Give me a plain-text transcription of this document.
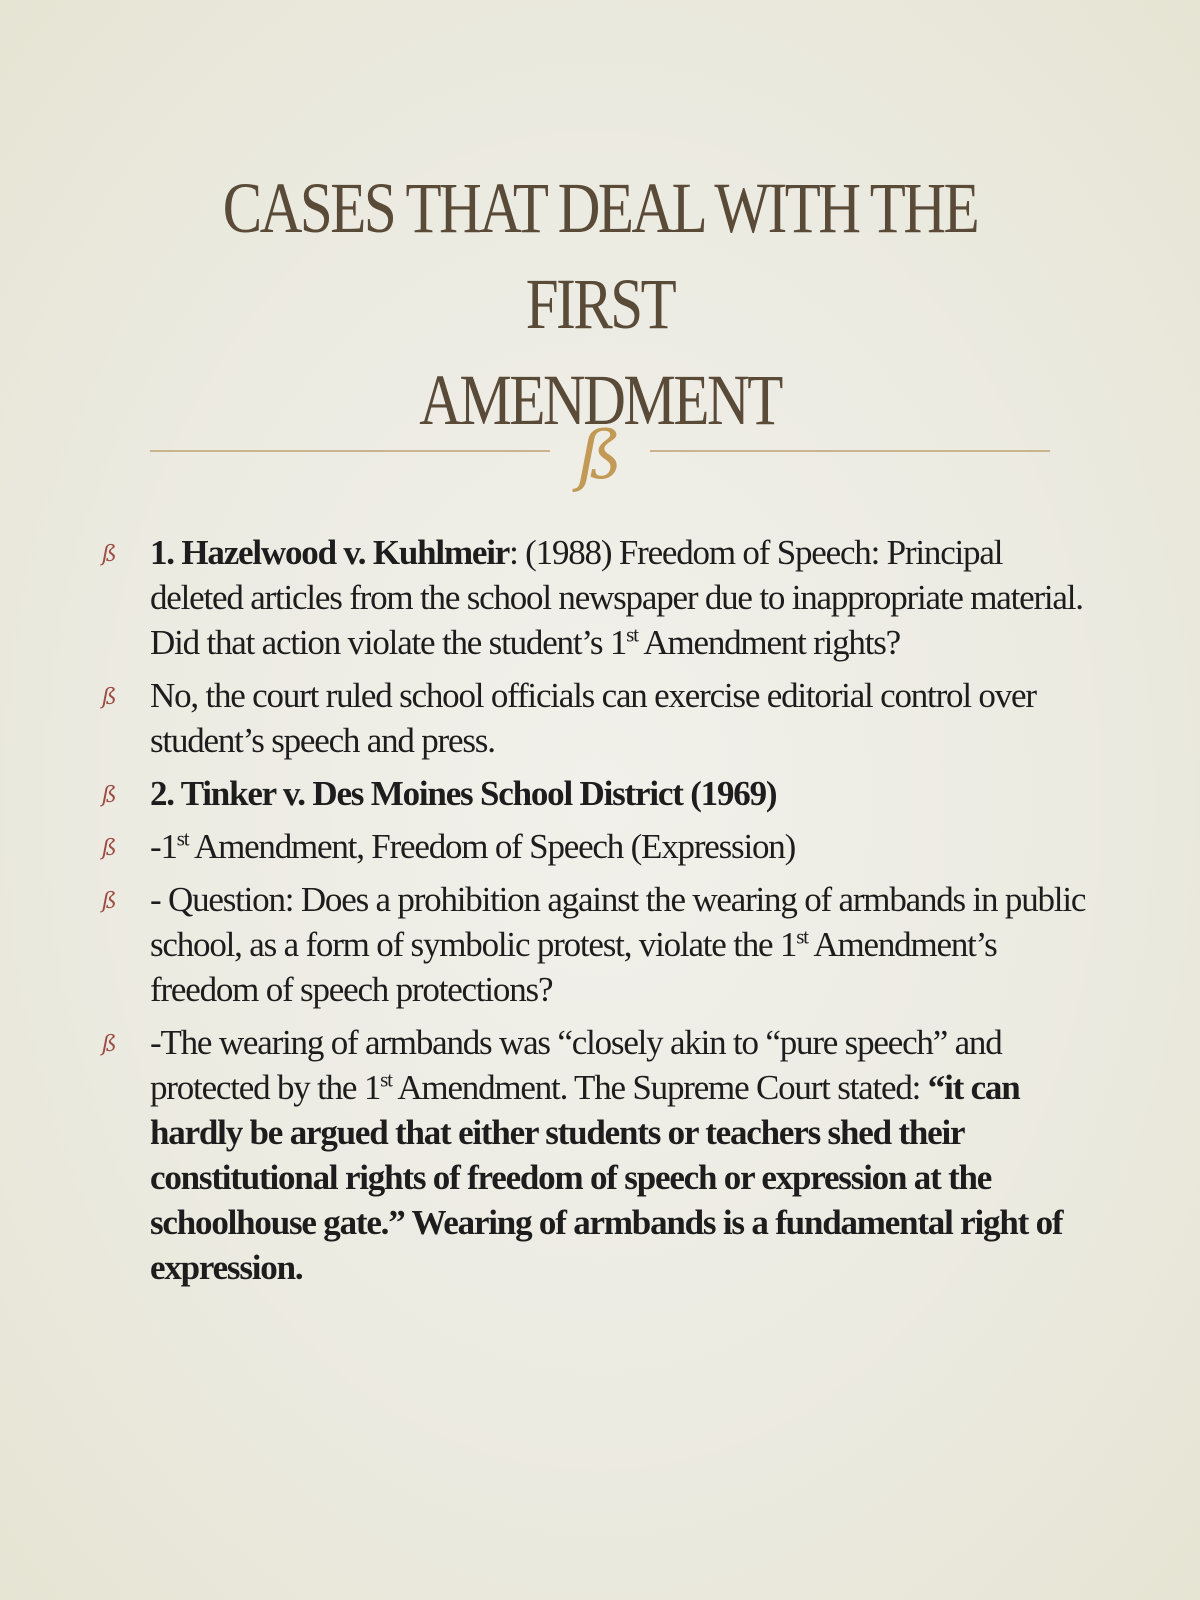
CASES THAT DEAL WITH THE FIRST
AMENDMENT
ß
ß 1. Hazelwood v. Kuhlmeir: (1988) Freedom of Speech: Principal deleted articles from the school newspaper due to inappropriate material. Did that action violate the student’s 1st Amendment rights?
ß No, the court ruled school officials can exercise editorial control over student’s speech and press.
ß 2. Tinker v. Des Moines School District (1969)
ß -1st Amendment, Freedom of Speech (Expression)
ß - Question: Does a prohibition against the wearing of armbands in public school, as a form of symbolic protest, violate the 1st Amendment’s freedom of speech protections?
ß -The wearing of armbands was “closely akin to “pure speech” and protected by the 1st Amendment. The Supreme Court stated: “it can hardly be argued that either students or teachers shed their constitutional rights of freedom of speech or expression at the schoolhouse gate.” Wearing of armbands is a fundamental right of expression.
